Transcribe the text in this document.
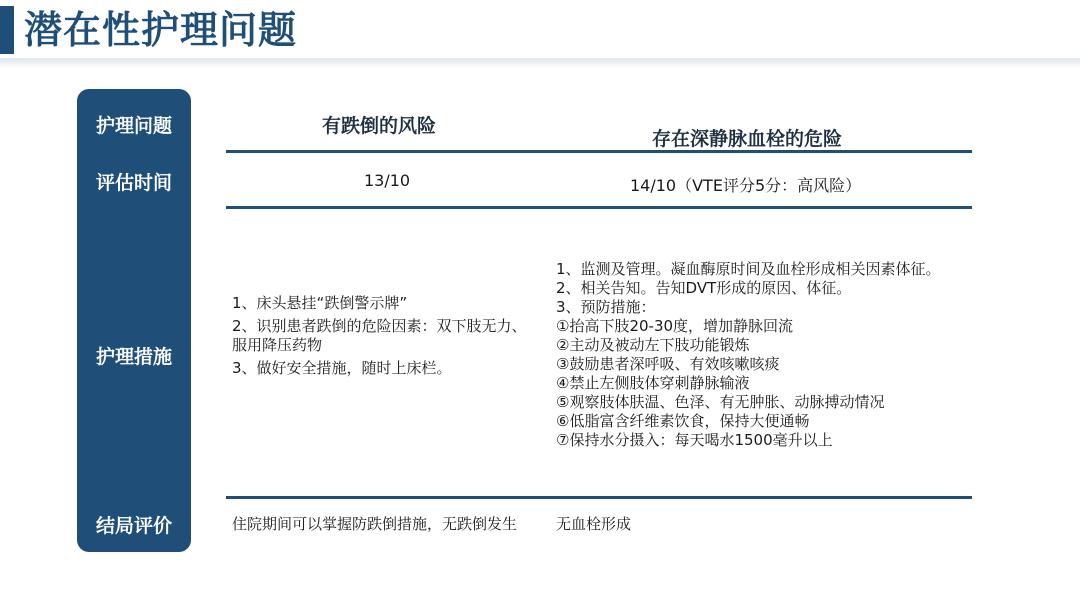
潜在性护理问题
护理问题
评估时间
护理措施
结局评价
有跌倒的风险
存在深静脉血栓的危险
13/10	14/10（VTE评分5分：高风险）
1、床头悬挂“跌倒警示牌”
2、识别患者跌倒的危险因素：双下肢无力、
服用降压药物
3、做好安全措施，随时上床栏。
1、监测及管理。凝血酶原时间及血栓形成相关因素体征。
2、相关告知。告知DVT形成的原因、体征。
3、预防措施：
①抬高下肢20-30度，增加静脉回流
②主动及被动左下肢功能锻炼
③鼓励患者深呼吸、有效咳嗽咳痰
④禁止左侧肢体穿刺静脉输液
⑤观察肢体肤温、色泽、有无肿胀、动脉搏动情况
⑥低脂富含纤维素饮食，保持大便通畅
⑦保持水分摄入：每天喝水1500毫升以上
住院期间可以掌握防跌倒措施，无跌倒发生	无血栓形成
